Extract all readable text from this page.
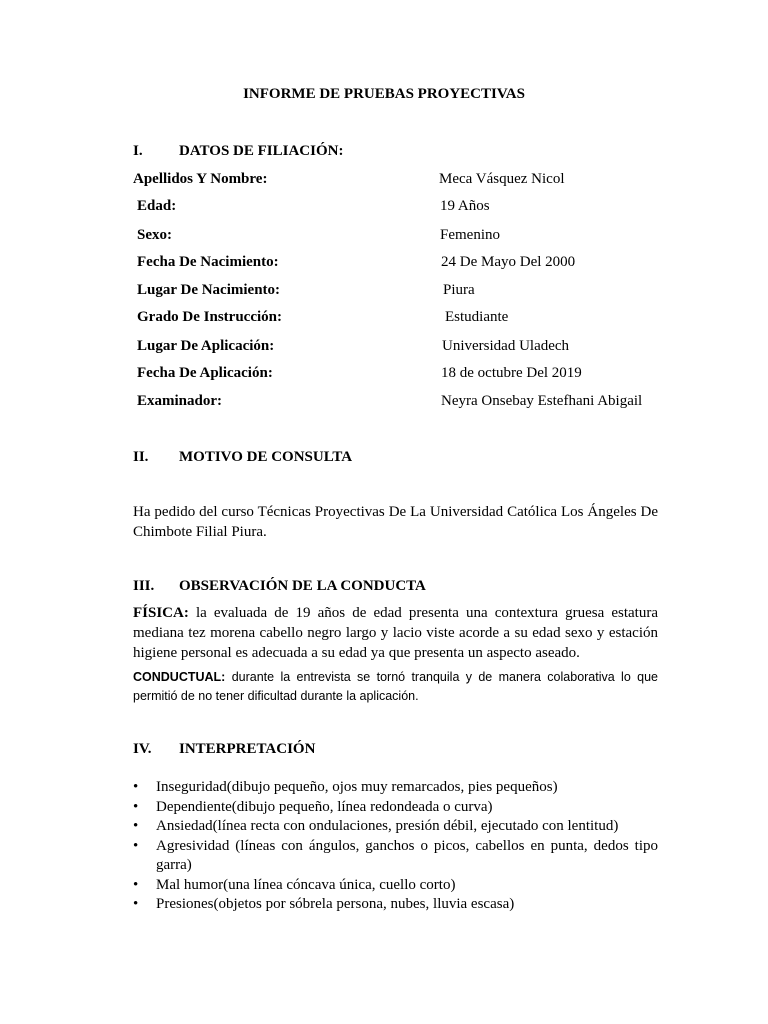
INFORME DE PRUEBAS PROYECTIVAS
I. DATOS DE FILIACIÓN:
Apellidos Y Nombre:	Meca Vásquez Nicol
Edad:	19 Años
Sexo:	Femenino
Fecha De Nacimiento:	24 De Mayo Del 2000
Lugar De Nacimiento:	Piura
Grado De Instrucción:	Estudiante
Lugar De Aplicación:	Universidad Uladech
Fecha De Aplicación:	18 de octubre Del 2019
Examinador:	Neyra Onsebay Estefhani Abigail
II. MOTIVO DE CONSULTA
Ha pedido del curso Técnicas Proyectivas De La Universidad Católica Los Ángeles De Chimbote Filial Piura.
III. OBSERVACIÓN DE LA CONDUCTA
FÍSICA: la evaluada de 19 años de edad presenta una contextura gruesa estatura mediana tez morena cabello negro largo y lacio viste acorde a su edad sexo y estación higiene personal es adecuada a su edad ya que presenta un aspecto aseado.
CONDUCTUAL: durante la entrevista se tornó tranquila y de manera colaborativa lo que permitió de no tener dificultad durante la aplicación.
IV. INTERPRETACIÓN
• Inseguridad(dibujo pequeño, ojos muy remarcados, pies pequeños)
• Dependiente(dibujo pequeño, línea redondeada o curva)
• Ansiedad(línea recta con ondulaciones, presión débil, ejecutado con lentitud)
• Agresividad (líneas con ángulos, ganchos o picos, cabellos en punta, dedos tipo garra)
• Mal humor(una línea cóncava única, cuello corto)
• Presiones(objetos por sóbrela persona, nubes, lluvia escasa)
